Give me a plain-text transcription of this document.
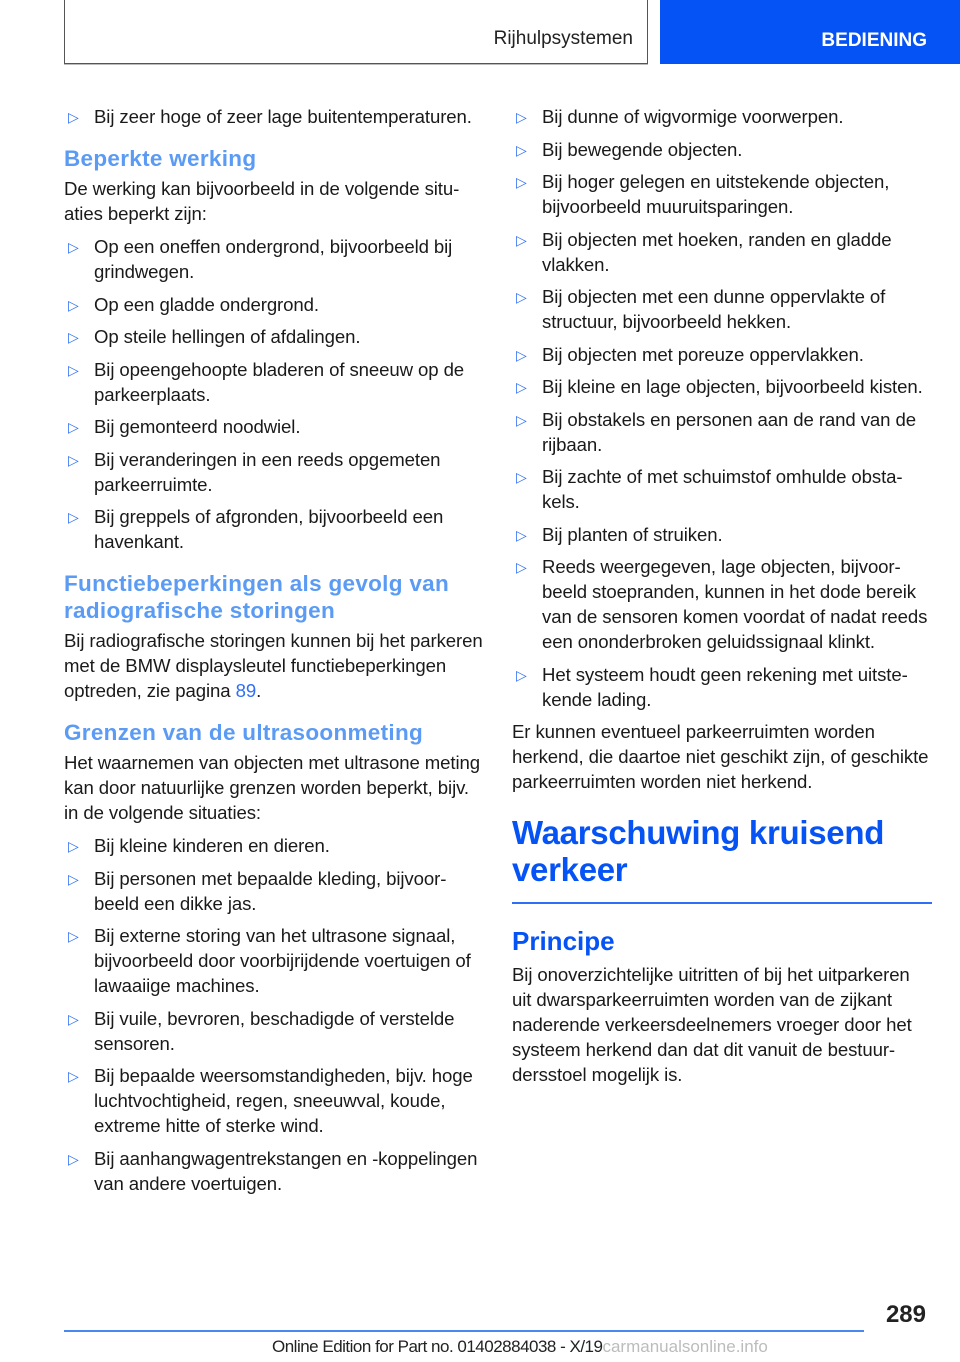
Rijhulpsystemen	BEDIENING
▷ Bij zeer hoge of zeer lage buitentemperaturen.
Beperkte werking

De werking kan bijvoorbeeld in de volgende situaties beperkt zijn:

▷ Op een oneffen ondergrond, bijvoorbeeld bij grindwegen.
▷ Op een gladde ondergrond.
▷ Op steile hellingen of afdalingen.
▷ Bij opeengehoopte bladeren of sneeuw op de parkeerplaats.
▷ Bij gemonteerd noodwiel.
▷ Bij veranderingen in een reeds opgemeten parkeerruimte.
▷ Bij greppels of afgronden, bijvoorbeeld een havenkant.
Functiebeperkingen als gevolg van radiografische storingen

Bij radiografische storingen kunnen bij het parkeren met de BMW displaysleutel functiebeperkingen optreden, zie pagina 89.

Grenzen van de ultrasoonmeting

Het waarnemen van objecten met ultrasone meting kan door natuurlijke grenzen worden beperkt, bijv. in de volgende situaties:

▷ Bij kleine kinderen en dieren.
▷ Bij personen met bepaalde kleding, bijvoorbeeld een dikke jas.
▷ Bij externe storing van het ultrasone signaal, bijvoorbeeld door voorbijrijdende voertuigen of lawaaiige machines.
▷ Bij vuile, bevroren, beschadigde of verstelde sensoren.
▷ Bij bepaalde weersomstandigheden, bijv. hoge luchtvochtigheid, regen, sneeuwval, koude, extreme hitte of sterke wind.
▷ Bij aanhangwagentrekstangen en -koppelingen van andere voertuigen.
▷ Bij dunne of wigvormige voorwerpen.
▷ Bij bewegende objecten.
▷ Bij hoger gelegen en uitstekende objecten, bijvoorbeeld muuruitsparingen.
▷ Bij objecten met hoeken, randen en gladde vlakken.
▷ Bij objecten met een dunne oppervlakte of structuur, bijvoorbeeld hekken.
▷ Bij objecten met poreuze oppervlakken.
▷ Bij kleine en lage objecten, bijvoorbeeld kisten.
▷ Bij obstakels en personen aan de rand van de rijbaan.
▷ Bij zachte of met schuimstof omhulde obstakels.
▷ Bij planten of struiken.
▷ Reeds weergegeven, lage objecten, bijvoorbeeld stoepranden, kunnen in het dode bereik van de sensoren komen voordat of nadat reeds een ononderbroken geluidssignaal klinkt.
▷ Het systeem houdt geen rekening met uitstekende lading.

Er kunnen eventueel parkeerruimten worden herkend, die daartoe niet geschikt zijn, of geschikte parkeerruimten worden niet herkend.

Waarschuwing kruisend verkeer
Principe

Bij onoverzichtelijke uitritten of bij het uitparkeren uit dwarsparkeerruimten worden van de zijkant naderende verkeersdeelnemers vroeger door het systeem herkend dan dat dit vanuit de bestuurdersstoel mogelijk is.

289
Online Edition for Part no. 01402884038 - X/19carmanualsonline.info
